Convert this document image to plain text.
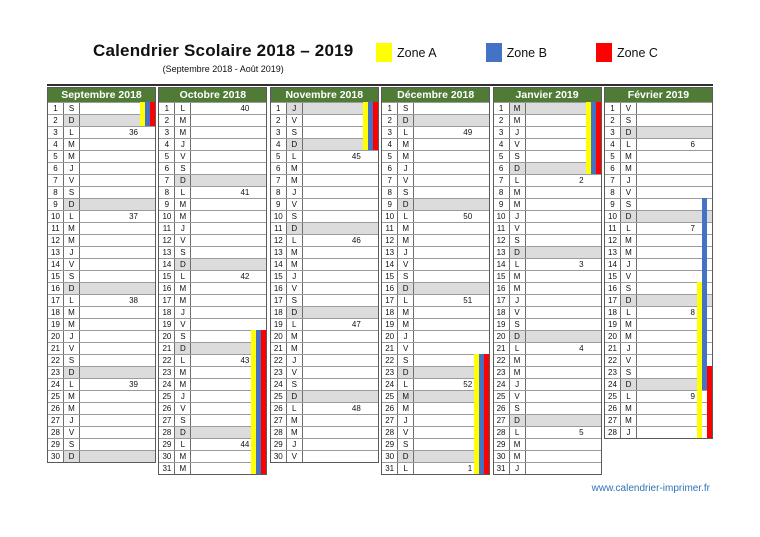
Calendrier Scolaire 2018 – 2019
(Septembre 2018 - Août 2019)
Zone A	Zone B	Zone C
Septembre 2018
1	S
2	D
3	L	36
4	M
5	M
6	J
7	V
8	S
9	D
10	L	37
11	M
12	M
13	J
14	V
15	S
16	D
17	L	38
18	M
19	M
20	J
21	V
22	S
23	D
24	L	39
25	M
26	M
27	J
28	V
29	S
30	D
Octobre 2018
1	L	40
2	M
3	M
4	J
5	V
6	S
7	D
8	L	41
9	M
10	M
11	J
12	V
13	S
14	D
15	L	42
16	M
17	M
18	J
19	V
20	S
21	D
22	L	43
23	M
24	M
25	J
26	V
27	S
28	D
29	L	44
30	M
31	M
Novembre 2018
1	J
2	V
3	S
4	D
5	L	45
6	M
7	M
8	J
9	V
10	S
11	D
12	L	46
13	M
14	M
15	J
16	V
17	S
18	D
19	L	47
20	M
21	M
22	J
23	V
24	S
25	D
26	L	48
27	M
28	M
29	J
30	V
Décembre 2018
1	S
2	D
3	L	49
4	M
5	M
6	J
7	V
8	S
9	D
10	L	50
11	M
12	M
13	J
14	V
15	S
16	D
17	L	51
18	M
19	M
20	J
21	V
22	S
23	D
24	L	52
25	M
26	M
27	J
28	V
29	S
30	D
31	L	1
Janvier 2019
1	M
2	M
3	J
4	V
5	S
6	D
7	L	2
8	M
9	M
10	J
11	V
12	S
13	D
14	L	3
15	M
16	M
17	J
18	V
19	S
20	D
21	L	4
22	M
23	M
24	J
25	V
26	S
27	D
28	L	5
29	M
30	M
31	J
Février 2019
1	V
2	S
3	D
4	L	6
5	M
6	M
7	J
8	V
9	S
10	D
11	L	7
12	M
13	M
14	J
15	V
16	S
17	D
18	L	8
19	M
20	M
21	J
22	V
23	S
24	D
25	L	9
26	M
27	M
28	J
www.calendrier-imprimer.fr
